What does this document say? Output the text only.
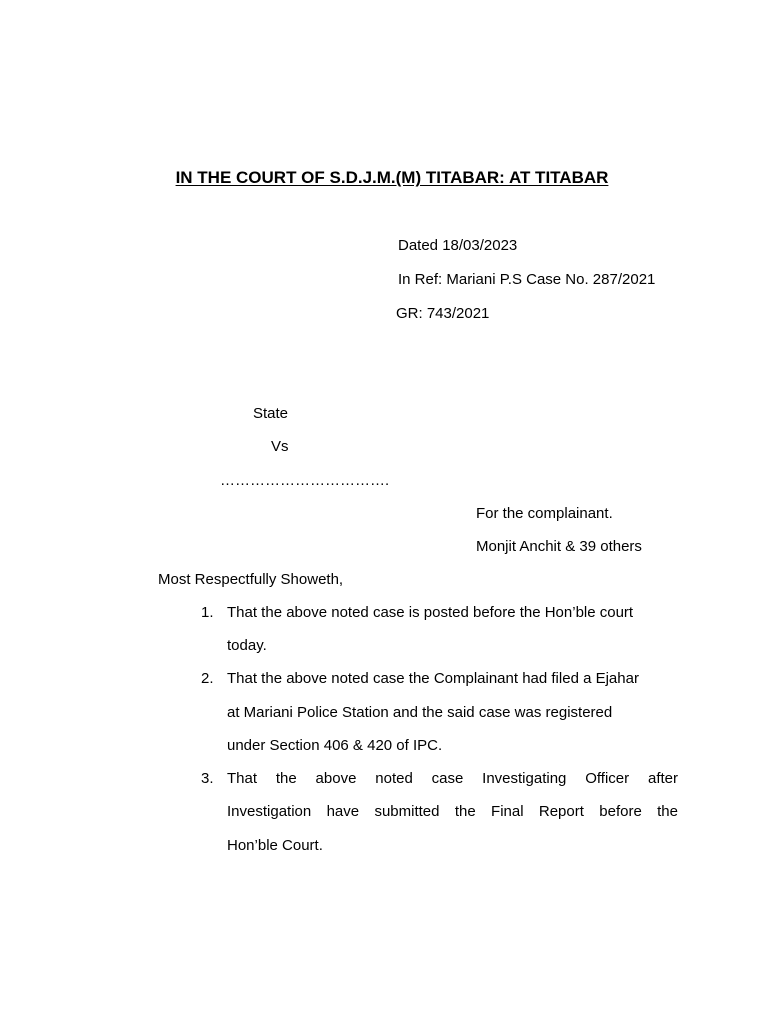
IN THE COURT OF S.D.J.M.(M) TITABAR: AT TITABAR
Dated 18/03/2023
In Ref: Mariani P.S Case No. 287/2021
GR: 743/2021
State
Vs
…………………………….
For the complainant.
Monjit Anchit & 39 others
Most Respectfully Showeth,
1. That the above noted case is posted before the Hon’ble court
today.
2. That the above noted case the Complainant had filed a Ejahar
at Mariani Police Station and the said case was registered
under Section 406 & 420 of IPC.
3. That the above noted case Investigating Officer after
Investigation have submitted the Final Report before the
Hon’ble Court.
